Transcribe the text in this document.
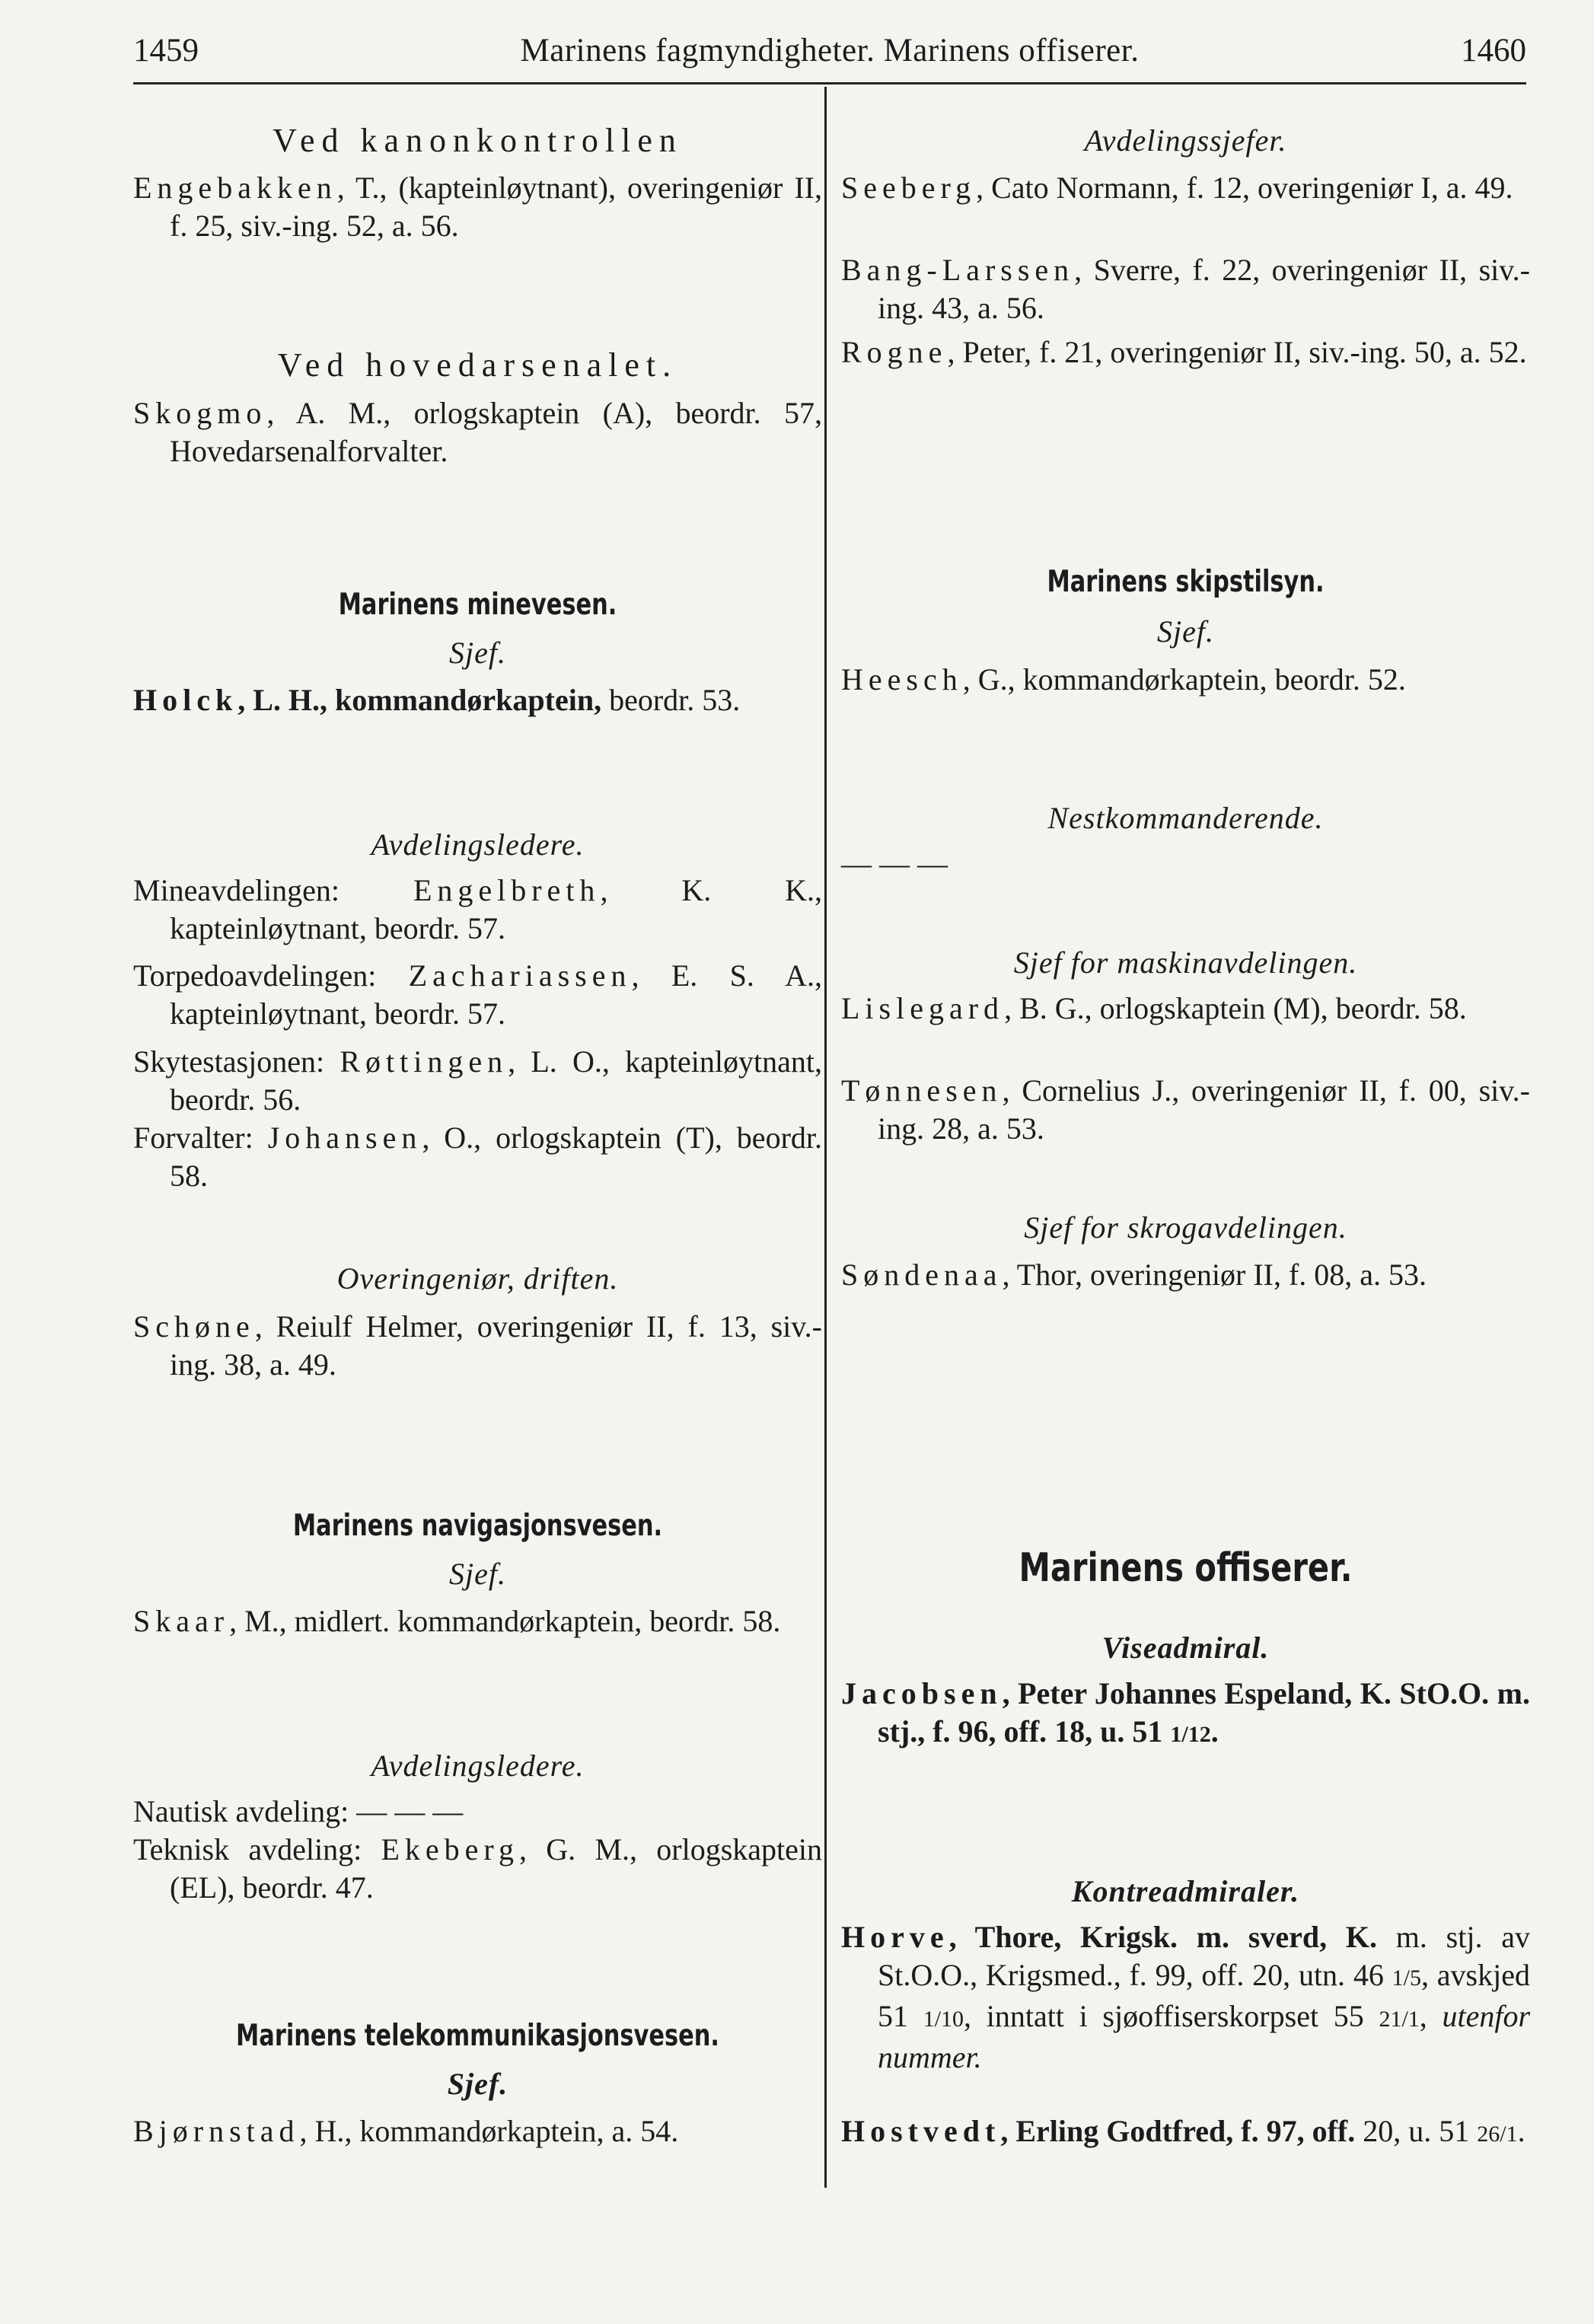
1459	Marinens fagmyndigheter. Marinens offiserer.	1460
Ved kanonkontrollen
Engebakken, T., (kapteinløytnant), overingeniør II, f. 25, siv.-ing. 52, a. 56.
Ved hovedarsenalet.
Skogmo, A. M., orlogskaptein (A), beordr. 57, Hovedarsenalforvalter.
Marinens minevesen.
Sjef.
Holck, L. H., kommandørkaptein, beordr. 53.
Avdelingsledere.
Mineavdelingen: Engelbreth, K. K., kapteinløytnant, beordr. 57.
Torpedoavdelingen: Zachariassen, E. S. A., kapteinløytnant, beordr. 57.
Skytestasjonen: Røttingen, L. O., kapteinløytnant, beordr. 56.
Forvalter: Johansen, O., orlogskaptein (T), beordr. 58.
Overingeniør, driften.
Schøne, Reiulf Helmer, overingeniør II, f. 13, siv.-ing. 38, a. 49.
Marinens navigasjonsvesen.
Sjef.
Skaar, M., midlert. kommandørkaptein, beordr. 58.
Avdelingsledere.
Nautisk avdeling: — — —
Teknisk avdeling: Ekeberg, G. M., orlogskaptein (EL), beordr. 47.
Marinens telekommunikasjonsvesen.
Sjef.
Bjørnstad, H., kommandørkaptein, a. 54.
Avdelingssjefer.
Seeberg, Cato Normann, f. 12, overingeniør I, a. 49.
Bang-Larssen, Sverre, f. 22, overingeniør II, siv.-ing. 43, a. 56.
Rogne, Peter, f. 21, overingeniør II, siv.-ing. 50, a. 52.
Marinens skipstilsyn.
Sjef.
Heesch, G., kommandørkaptein, beordr. 52.
Nestkommanderende.
— — —
Sjef for maskinavdelingen.
Lislegard, B. G., orlogskaptein (M), beordr. 58.
Tønnesen, Cornelius J., overingeniør II, f. 00, siv.-ing. 28, a. 53.
Sjef for skrogavdelingen.
Søndenaa, Thor, overingeniør II, f. 08, a. 53.
Marinens offiserer.
Viseadmiral.
Jacobsen, Peter Johannes Espeland, K. StO.O. m. stj., f. 96, off. 18, u. 51 1/12.
Kontreadmiraler.
Horve, Thore, Krigsk. m. sverd, K. m. stj. av St.O.O., Krigsmed., f. 99, off. 20, utn. 46 1/5, avskjed 51 1/10, inntatt i sjøoffiserskorpset 55 21/1, utenfor nummer.
Hostvedt, Erling Godtfred, f. 97, off. 20, u. 51 26/1.
